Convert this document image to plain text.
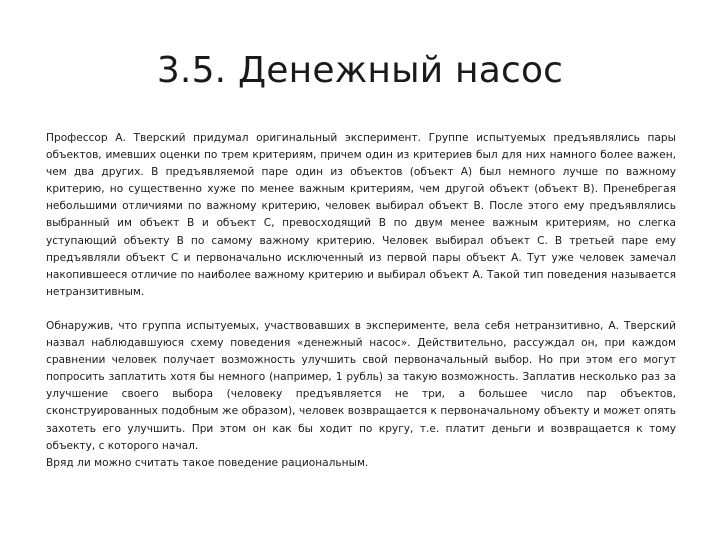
3.5. Денежный насос

Профессор А. Тверский придумал оригинальный эксперимент. Группе испытуемых предъявлялись пары объектов, имевших оценки по трем критериям, причем один из критериев был для них намного более важен, чем два других. В предъявляемой паре один из объектов (объект А) был немного лучше по важному критерию, но существенно хуже по менее важным критериям, чем другой объект (объект В). Пренебрегая небольшими отличиями по важному критерию, человек выбирал объект В. После этого ему предъявлялись выбранный им объект В и объект С, превосходящий В по двум менее важным критериям, но слегка уступающий объекту В по самому важному критерию. Человек выбирал объект С. В третьей паре ему предъявляли объект С и первоначально исключенный из первой пары объект А. Тут уже человек замечал накопившееся отличие по наиболее важному критерию и выбирал объект А. Такой тип поведения называется нетранзитивным.

Обнаружив, что группа испытуемых, участвовавших в эксперименте, вела себя нетранзитивно, А. Тверский назвал наблюдавшуюся схему поведения «денежный насос». Действительно, рассуждал он, при каждом сравнении человек получает возможность улучшить свой первоначальный выбор. Но при этом его могут попросить заплатить хотя бы немного (например, 1 рубль) за такую возможность. Заплатив несколько раз за улучшение своего выбора (человеку предъявляется не три, а большее число пар объектов, сконструированных подобным же образом), человек возвращается к первоначальному объекту и может опять захотеть его улучшить. При этом он как бы ходит по кругу, т.е. платит деньги и возвращается к тому объекту, с которого начал.

Вряд ли можно считать такое поведение рациональным.
